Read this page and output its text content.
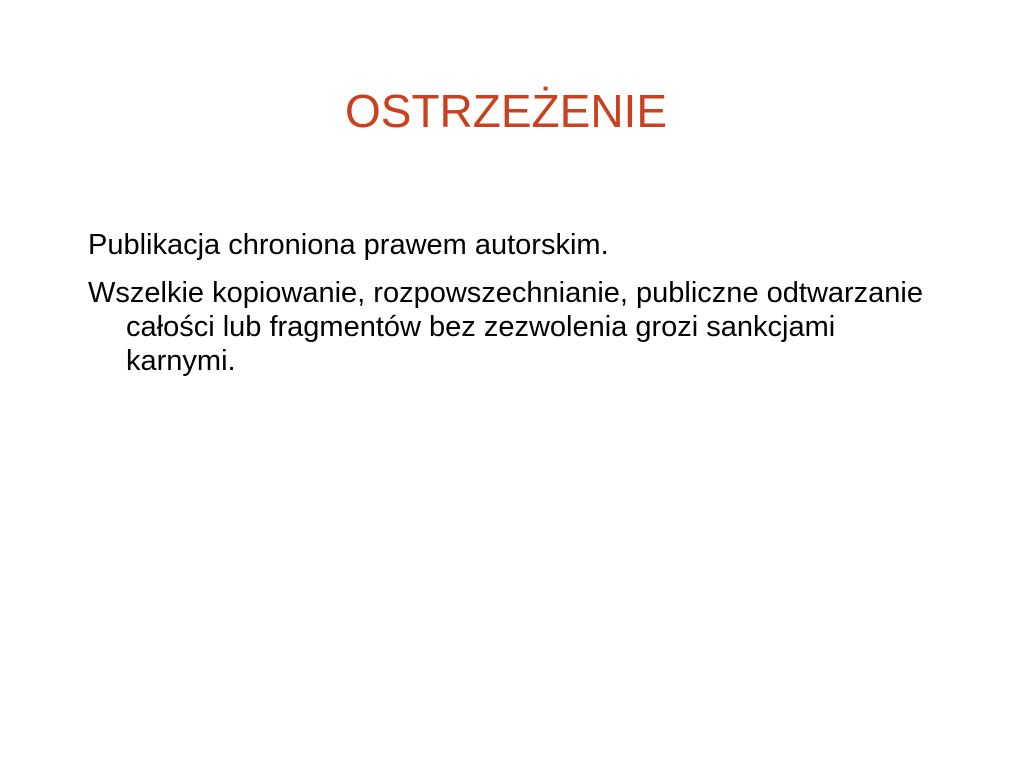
OSTRZEŻENIE

Publikacja chroniona prawem autorskim.

Wszelkie kopiowanie, rozpowszechnianie, publiczne odtwarzanie całości lub fragmentów bez zezwolenia grozi sankcjami karnymi.
